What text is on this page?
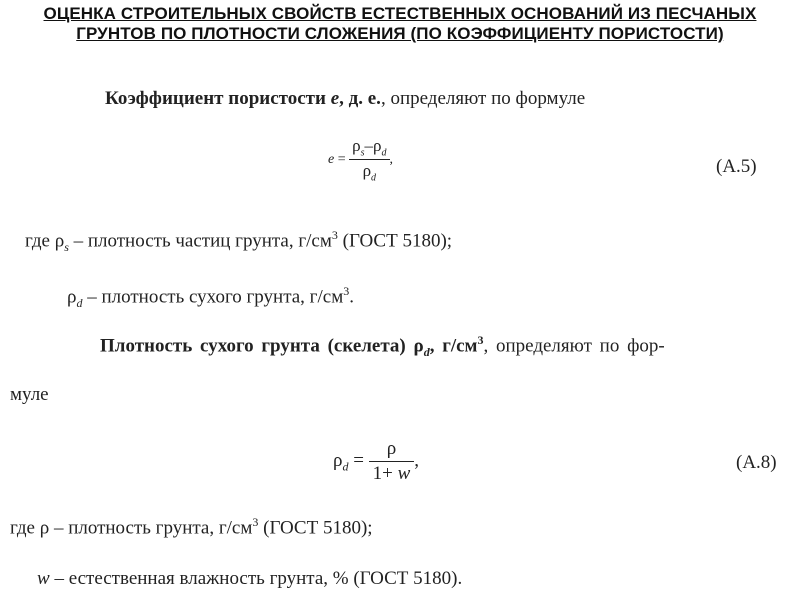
ОЦЕНКА СТРОИТЕЛЬНЫХ СВОЙСТВ ЕСТЕСТВЕННЫХ ОСНОВАНИЙ ИЗ ПЕСЧАНЫХ ГРУНТОВ ПО ПЛОТНОСТИ СЛОЖЕНИЯ (ПО КОЭФФИЦИЕНТУ ПОРИСТОСТИ)
Коэффициент пористости e, д. е., определяют по формуле
$e = \frac{\rho_s-\rho_d}{\rho_d}$ ,	(А.5)
где $\rho_s$ – плотность частиц грунта, $г/см^3$ (ГОСТ 5180);
$\rho_d$ – плотность сухого грунта, $г/см^3$.
Плотность сухого грунта (скелета) $\rho_d$, $г/см^3$, определяют по фор-
муле
$\rho_d = \frac{\rho}{1+ w}$ ,	(А.8)
где ρ – плотность грунта, $г/см^3$ (ГОСТ 5180);
w – естественная влажность грунта, % (ГОСТ 5180).
